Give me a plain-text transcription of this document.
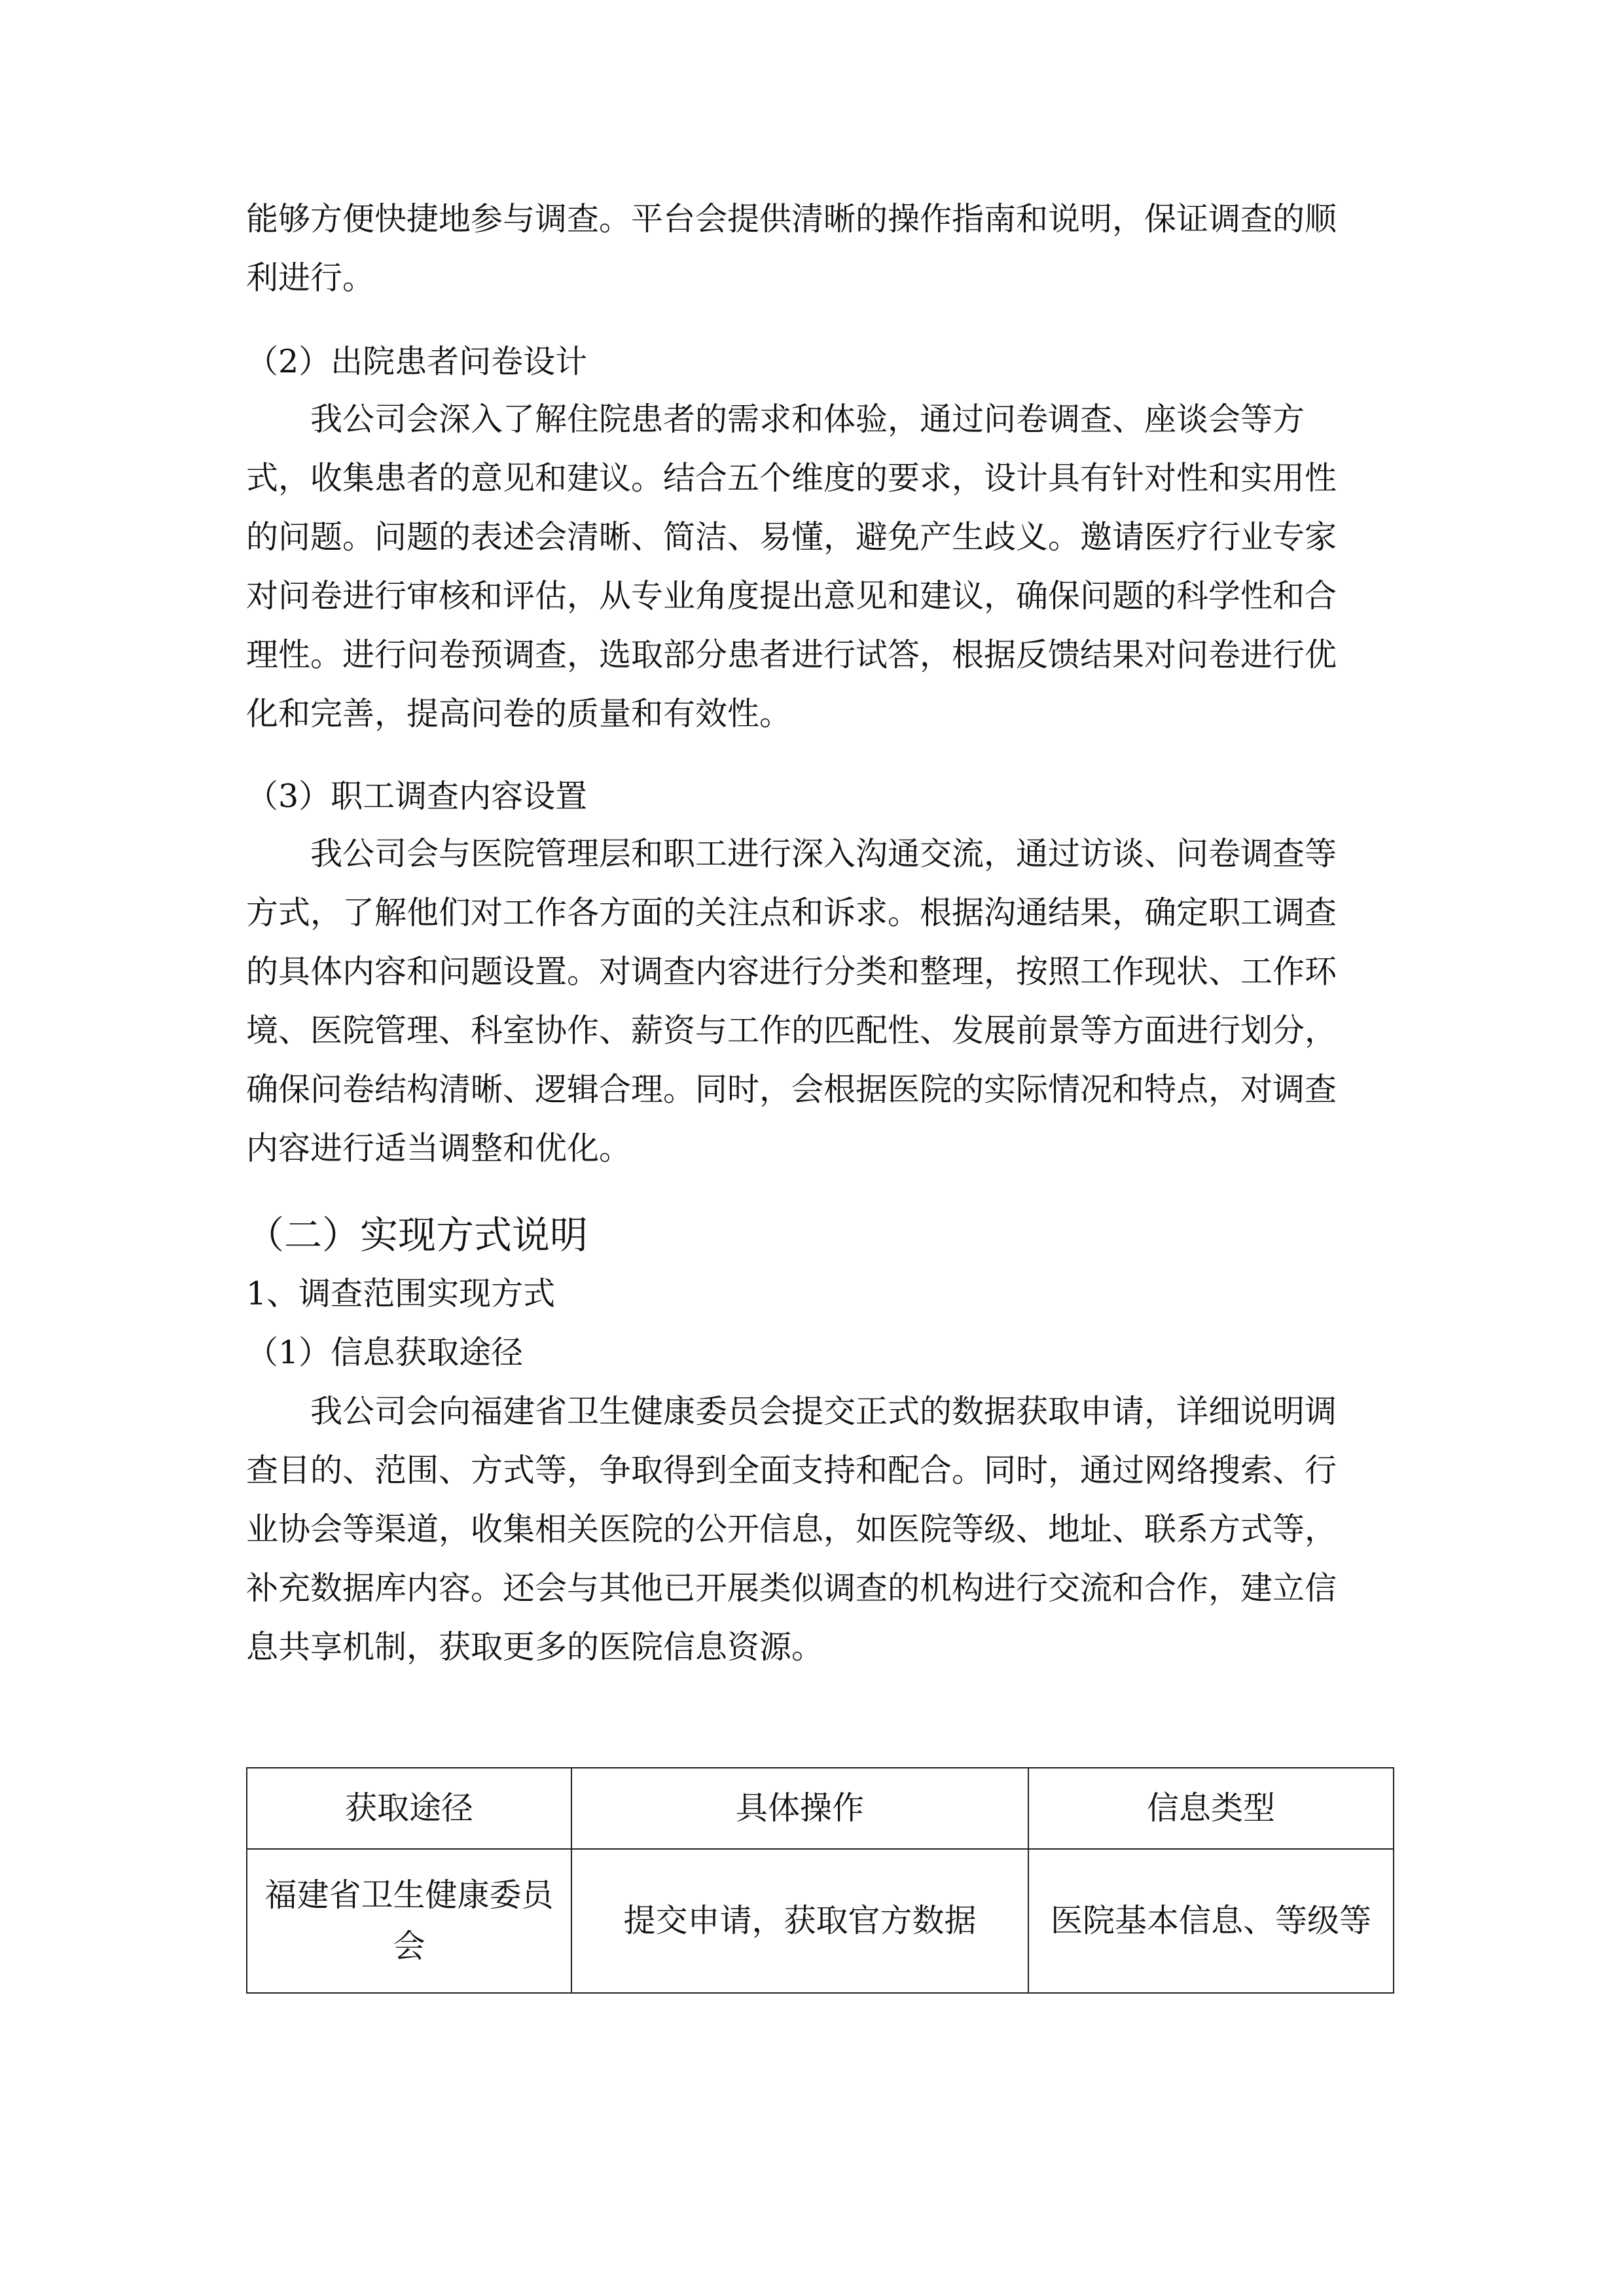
能够方便快捷地参与调查。平台会提供清晰的操作指南和说明，保证调查的顺

利进行。

（2）出院患者问卷设计

我公司会深入了解住院患者的需求和体验，通过问卷调查、座谈会等方

式，收集患者的意见和建议。结合五个维度的要求，设计具有针对性和实用性

的问题。问题的表述会清晰、简洁、易懂，避免产生歧义。邀请医疗行业专家

对问卷进行审核和评估，从专业角度提出意见和建议，确保问题的科学性和合

理性。进行问卷预调查，选取部分患者进行试答，根据反馈结果对问卷进行优

化和完善，提高问卷的质量和有效性。

（3）职工调查内容设置

我公司会与医院管理层和职工进行深入沟通交流，通过访谈、问卷调查等

方式，了解他们对工作各方面的关注点和诉求。根据沟通结果，确定职工调查

的具体内容和问题设置。对调查内容进行分类和整理，按照工作现状、工作环

境、医院管理、科室协作、薪资与工作的匹配性、发展前景等方面进行划分，

确保问卷结构清晰、逻辑合理。同时，会根据医院的实际情况和特点，对调查

内容进行适当调整和优化。

（二）实现方式说明

1、调查范围实现方式

（1）信息获取途径

我公司会向福建省卫生健康委员会提交正式的数据获取申请，详细说明调

查目的、范围、方式等，争取得到全面支持和配合。同时，通过网络搜索、行

业协会等渠道，收集相关医院的公开信息，如医院等级、地址、联系方式等，

补充数据库内容。还会与其他已开展类似调查的机构进行交流和合作，建立信

息共享机制，获取更多的医院信息资源。

获取途径	具体操作	信息类型

福建省卫生健康委员
会	提交申请，获取官方数据	医院基本信息、等级等
